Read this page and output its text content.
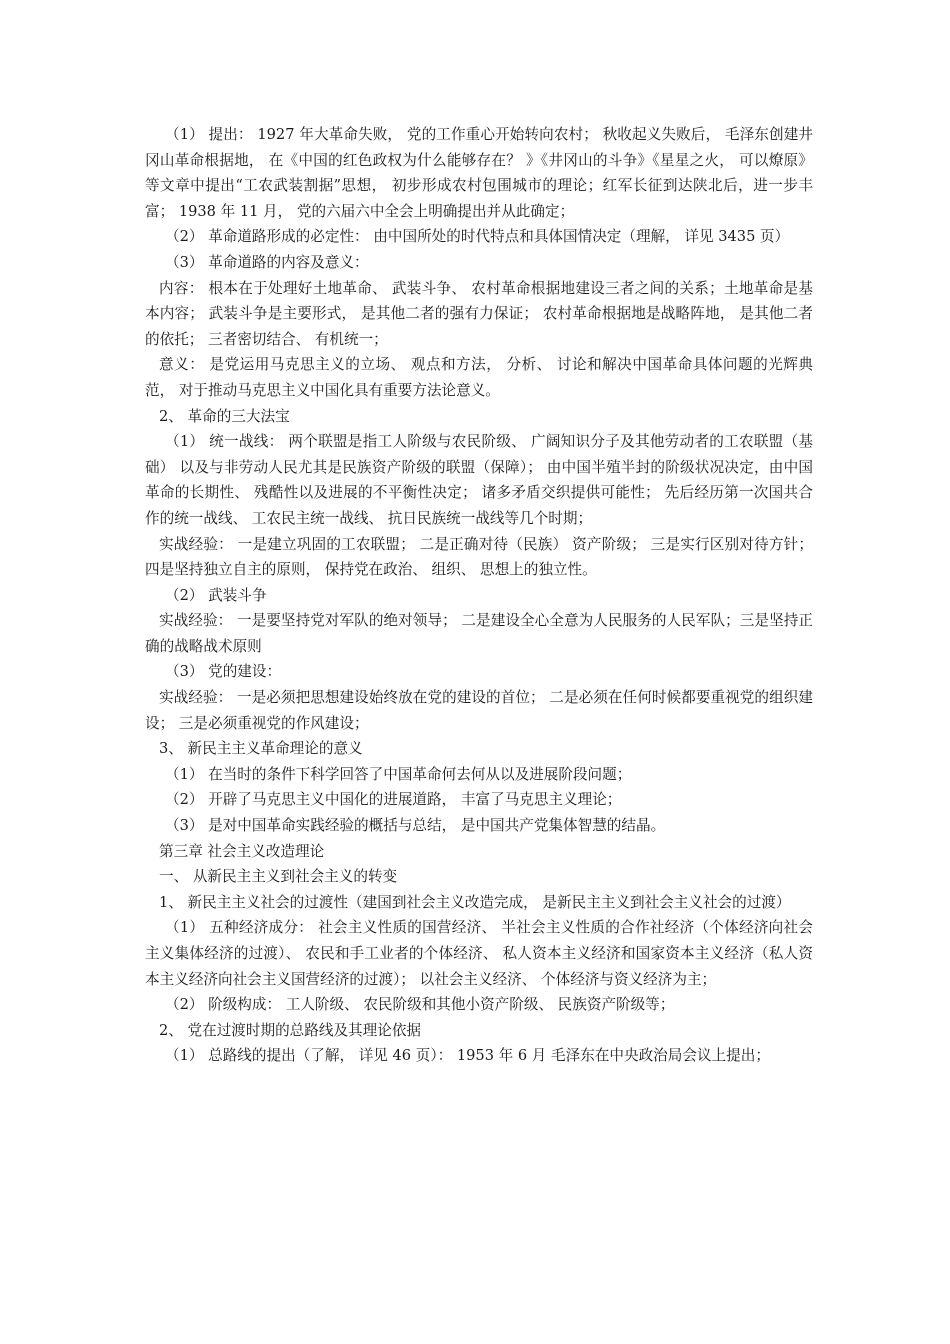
（1） 提出： 1927 年大革命失败， 党的工作重心开始转向农村； 秋收起义失败后， 毛泽东创建井冈山革命根据地， 在《中国的红色政权为什么能够存在？ 》《井冈山的斗争》《星星之火， 可以燎原》 等文章中提出“工农武装割据”思想， 初步形成农村包围城市的理论；红军长征到达陕北后，进一步丰富； 1938 年 11 月， 党的六届六中全会上明确提出并从此确定；

（2） 革命道路形成的必定性： 由中国所处的时代特点和具体国情决定（理解， 详见 3435 页）

（3） 革命道路的内容及意义：

内容： 根本在于处理好土地革命、 武装斗争、 农村革命根据地建设三者之间的关系；土地革命是基本内容； 武装斗争是主要形式， 是其他二者的强有力保证； 农村革命根据地是战略阵地， 是其他二者的依托； 三者密切结合、 有机统一；

意义： 是党运用马克思主义的立场、 观点和方法， 分析、 讨论和解决中国革命具体问题的光辉典范， 对于推动马克思主义中国化具有重要方法论意义。

2、 革命的三大法宝

（1） 统一战线： 两个联盟是指工人阶级与农民阶级、 广阔知识分子及其他劳动者的工农联盟（基础） 以及与非劳动人民尤其是民族资产阶级的联盟（保障）； 由中国半殖半封的阶级状况决定，由中国革命的长期性、 残酷性以及进展的不平衡性决定； 诸多矛盾交织提供可能性； 先后经历第一次国共合作的统一战线、 工农民主统一战线、 抗日民族统一战线等几个时期；

实战经验： 一是建立巩固的工农联盟； 二是正确对待（民族） 资产阶级； 三是实行区别对待方针； 四是坚持独立自主的原则， 保持党在政治、 组织、 思想上的独立性。

（2） 武装斗争

实战经验： 一是要坚持党对军队的绝对领导； 二是建设全心全意为人民服务的人民军队；三是坚持正确的战略战术原则

（3） 党的建设：

实战经验： 一是必须把思想建设始终放在党的建设的首位； 二是必须在任何时候都要重视党的组织建设； 三是必须重视党的作风建设；

3、 新民主主义革命理论的意义

（1） 在当时的条件下科学回答了中国革命何去何从以及进展阶段问题；

（2） 开辟了马克思主义中国化的进展道路， 丰富了马克思主义理论；

（3） 是对中国革命实践经验的概括与总结， 是中国共产党集体智慧的结晶。

第三章 社会主义改造理论

一、 从新民主主义到社会主义的转变

1、 新民主主义社会的过渡性（建国到社会主义改造完成， 是新民主主义到社会主义社会的过渡）

（1） 五种经济成分： 社会主义性质的国营经济、 半社会主义性质的合作社经济（个体经济向社会主义集体经济的过渡）、 农民和手工业者的个体经济、 私人资本主义经济和国家资本主义经济（私人资本主义经济向社会主义国营经济的过渡）； 以社会主义经济、 个体经济与资义经济为主；

（2） 阶级构成： 工人阶级、 农民阶级和其他小资产阶级、 民族资产阶级等；

2、 党在过渡时期的总路线及其理论依据

（1） 总路线的提出（了解， 详见 46 页）： 1953 年 6 月 毛泽东在中央政治局会议上提出；
